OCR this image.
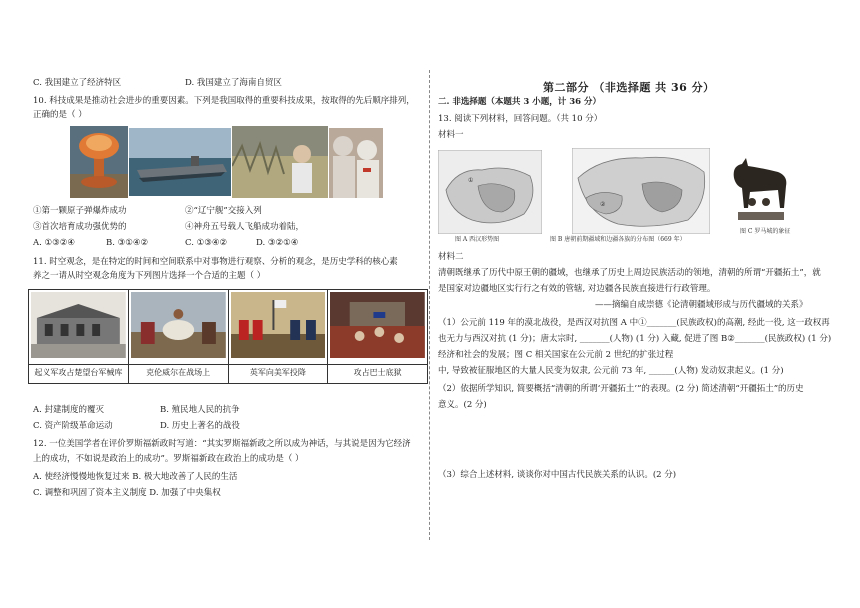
C. 我国建立了经济特区	D. 我国建立了海南自贸区
10. 科技成果是推动社会进步的重要因素。下列是我国取得的重要科技成果，按取得的先后顺序排列，
正确的是（ ）
①第一颗原子弹爆炸成功	②“辽宁舰”交接入列
③首次培育成功强优势的	④神舟五号载人飞船成功着陆，
A. ①③②④	B. ③①④②	C. ①③④②	D. ③②①④
11. 时空观念，是在特定的时间和空间联系中对事物进行观察、分析的观念，是历史学科的核心素
养之一请从时空观念角度为下列图片选择一个合适的主题（ ）

起义军攻占楚望台军械库	克伦威尔在战场上	英军向美军投降	攻占巴士底狱
A. 封建制度的覆灭	B. 殖民地人民的抗争
C. 资产阶级革命运动	D. 历史上著名的战役
12. 一位美国学者在评价罗斯福新政时写道：“其实罗斯福新政之所以成为神话，与其说是因为它经济
上的成功，不如说是政治上的成功”。罗斯福新政在政治上的成功是（ ）
A. 使经济慢慢地恢复过来 B. 极大地改善了人民的生活
C. 调整和巩固了资本主义制度 D. 加强了中央集权
第二部分 （非选择题 共 36 分）
二. 非选择题（本题共 3 小题，计 36 分）
13. 阅读下列材料，回答问题。（共 10 分）
材料一
①
图 A 西汉形势图
②
图 B 唐朝前期疆域和边疆各族的分布图（669 年）
图 C 罗马城的象征
材料二
清朝既继承了历代中原王朝的疆域，也继承了历史上周边民族活动的领地，清朝的所谓“开疆拓土”，就
是国家对边疆地区实行行之有效的管辖, 对边疆各民族直接进行行政管理。
——摘编自成崇德《论清朝疆域形成与历代疆域的关系》
（1）公元前 119 年的漠北战役，是西汉对抗图 A 中①_______(民族政权)的高潮, 经此一役, 这一政权再
也无力与西汉对抗 (1 分)；唐太宗时, _______(人物) (1 分) 入藏, 促进了图 B②_______(民族政权) (1 分)
经济和社会的发展；图 C 相关国家在公元前 2 世纪的扩张过程
中, 导致被征服地区的大量人民变为奴隶, 公元前 73 年, ______(人物) 发动奴隶起义。(1 分)
（2）依据所学知识, 简要概括“清朝的所谓‘开疆拓土’”的表现。(2 分) 简述清朝“开疆拓土”的历史
意义。(2 分)
（3）综合上述材料, 谈谈你对中国古代民族关系的认识。(2 分)
